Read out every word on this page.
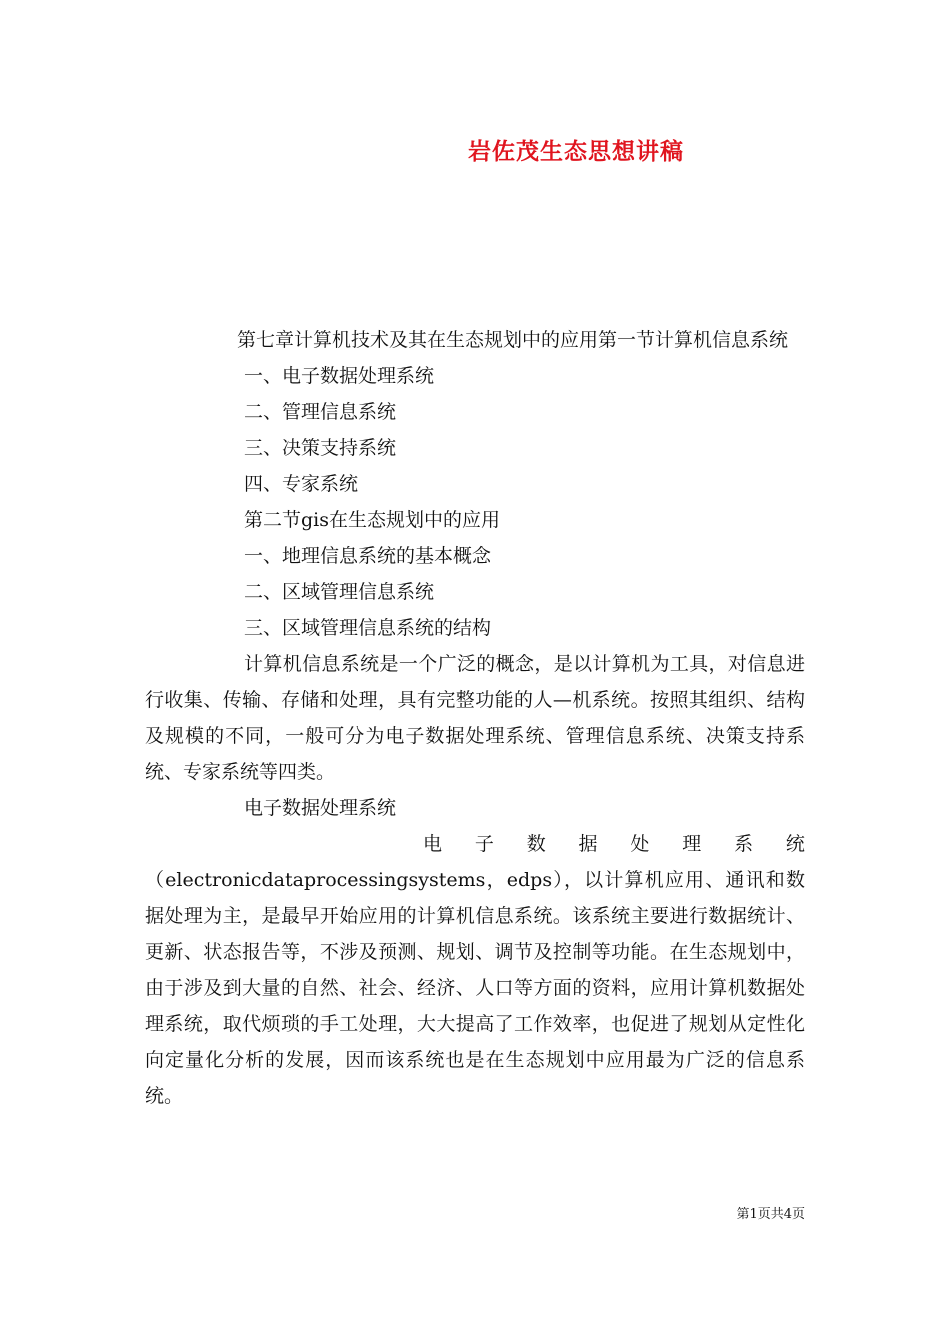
岩佐茂生态思想讲稿

第七章计算机技术及其在生态规划中的应用第一节计算机信息系统

一、电子数据处理系统

二、管理信息系统

三、决策支持系统

四、专家系统

第二节gis在生态规划中的应用

一、地理信息系统的基本概念

二、区域管理信息系统

三、区域管理信息系统的结构

计算机信息系统是一个广泛的概念，是以计算机为工具，对信息进行收集、传输、存储和处理，具有完整功能的人—机系统。按照其组织、结构及规模的不同，一般可分为电子数据处理系统、管理信息系统、决策支持系统、专家系统等四类。

电子数据处理系统

电 子 数 据 处 理 系 统

（electronicdataprocessingsystems，edps），以计算机应用、通讯和数据处理为主，是最早开始应用的计算机信息系统。该系统主要进行数据统计、更新、状态报告等，不涉及预测、规划、调节及控制等功能。在生态规划中，由于涉及到大量的自然、社会、经济、人口等方面的资料，应用计算机数据处理系统，取代烦琐的手工处理，大大提高了工作效率，也促进了规划从定性化向定量化分析的发展，因而该系统也是在生态规划中应用最为广泛的信息系统。

第1页共4页
